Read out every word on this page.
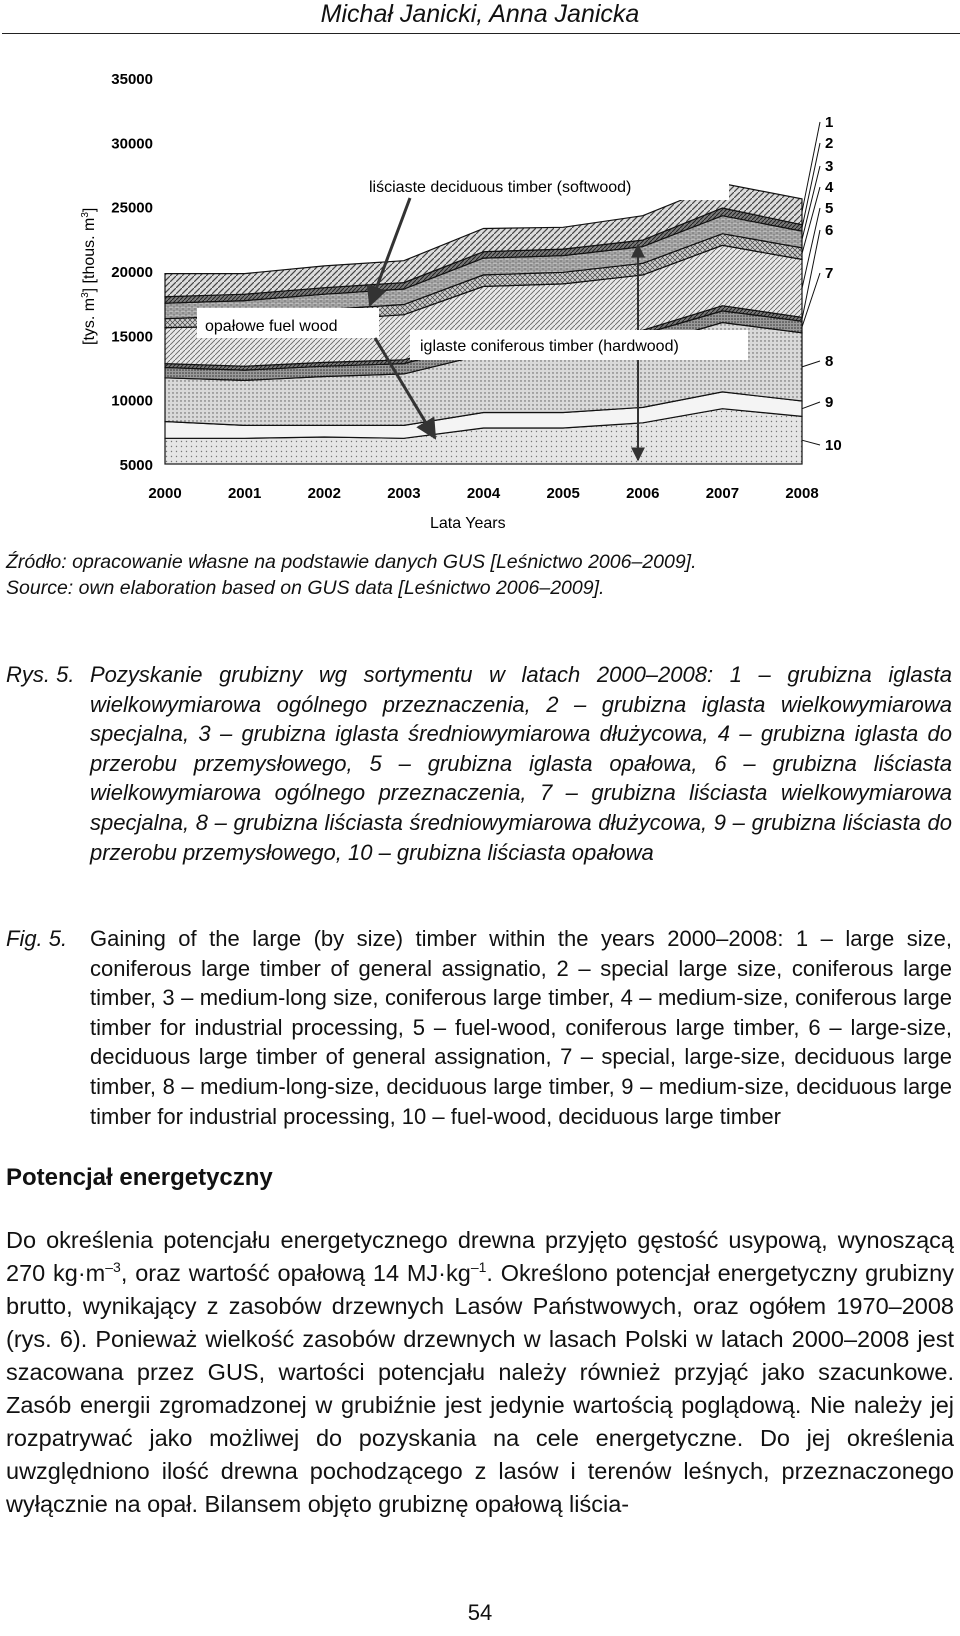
Michał Janicki, Anna Janicka
5000
10000
15000
20000
25000
30000
35000
2000	2001	2002	2003	2004	2005	2006	2007	2008
10
9
8
7
6
5
4
3
2
1
liściaste deciduous timber (softwood)
opałowe fuel wood
iglaste coniferous timber (hardwood)
Lata Years
[tys. $m^3$] [thous. $m^3$]
Źródło: opracowanie własne na podstawie danych GUS [Leśnictwo 2006–2009].
Source: own elaboration based on GUS data [Leśnictwo 2006–2009].
Rys. 5. Pozyskanie grubizny wg sortymentu w latach 2000–2008: 1 – grubizna iglasta wielkowymiarowa ogólnego przeznaczenia, 2 – grubizna iglasta wielkowymiarowa specjalna, 3 – grubizna iglasta średniowymiarowa dłużycowa, 4 – grubizna iglasta do przerobu przemysłowego, 5 – grubizna iglasta opałowa, 6 – grubizna liściasta wielkowymiarowa ogólnego przeznaczenia, 7 – grubizna liściasta wielkowymiarowa specjalna, 8 – grubizna liściasta średniowymiarowa dłużycowa, 9 – grubizna liściasta do przerobu przemysłowego, 10 – grubizna liściasta opałowa
Fig. 5.	Gaining of the large (by size) timber within the years 2000–2008: 1 – large size, coniferous large timber of general assignatio, 2 – special large size, coniferous large timber, 3 – medium-long size, coniferous large timber, 4 – medium-size, coniferous large timber for industrial processing, 5 – fuel-wood, coniferous large timber, 6 – large-size, deciduous large timber of general assignation, 7 – special, large-size, deciduous large timber, 8 – medium-long-size, deciduous large timber, 9 – medium-size, deciduous large timber for industrial processing, 10 – fuel-wood, deciduous large timber
Potencjał energetyczny
Do określenia potencjału energetycznego drewna przyjęto gęstość usypową, wynoszącą 270 $kg\cdot m^{-3}$, oraz wartość opałową 14 $MJ\cdot kg^{-1}$. Określono potencjał energetyczny grubizny brutto, wynikający z zasobów drzewnych Lasów Państwowych, oraz ogółem 1970–2008 (rys. 6). Ponieważ wielkość zasobów drzewnych w lasach Polski w latach 2000–2008 jest szacowana przez GUS, wartości potencjału należy również przyjąć jako szacunkowe. Zasób energii zgromadzonej w grubiźnie jest jedynie wartością poglądową. Nie należy jej rozpatrywać jako możliwej do pozyskania na cele energetyczne. Do jej określenia uwzględniono ilość drewna pochodzącego z lasów i terenów leśnych, przeznaczonego wyłącznie na opał. Bilansem objęto grubiznę opałową liścia-
54
